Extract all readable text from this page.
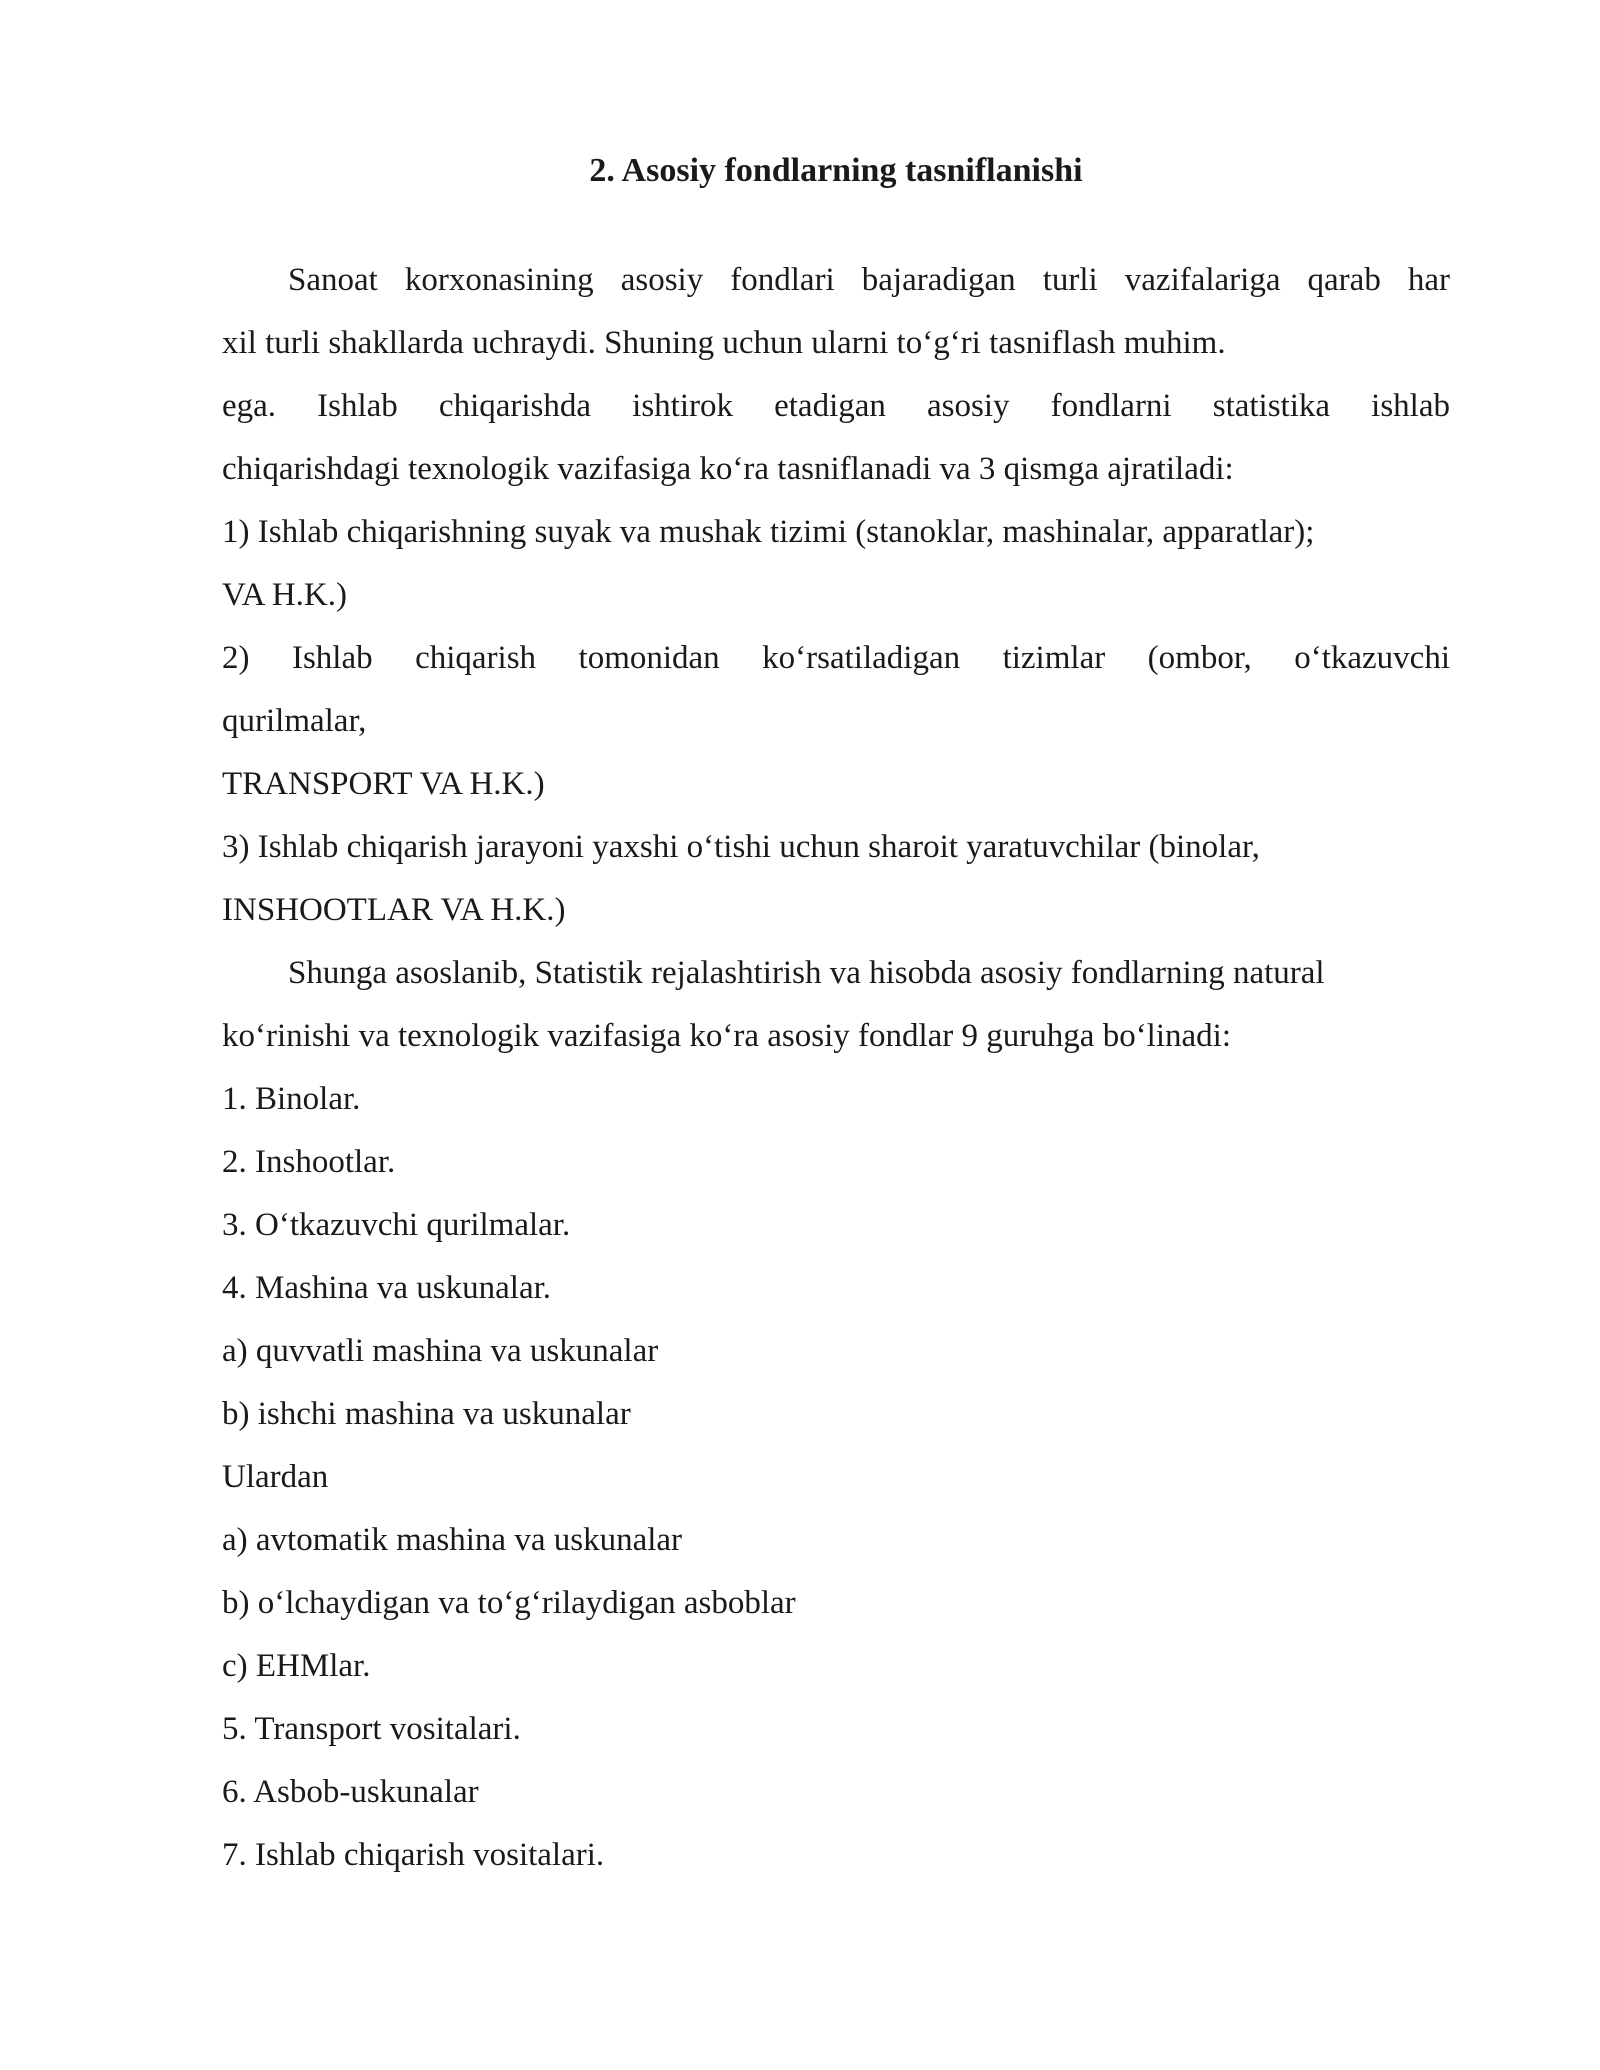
2. Asosiy fondlarning tasniflanishi

Sanoat korxonasining asosiy fondlari bajaradigan turli vazifalariga qarab har

xil turli shakllarda uchraydi. Shuning uchun ularni to‘g‘ri tasniflash muhim.

ega. Ishlab chiqarishda ishtirok etadigan asosiy fondlarni statistika ishlab

chiqarishdagi texnologik vazifasiga ko‘ra tasniflanadi va 3 qismga ajratiladi:

1) Ishlab chiqarishning suyak va mushak tizimi (stanoklar, mashinalar, apparatlar);

VA H.K.)

2) Ishlab chiqarish tomonidan ko‘rsatiladigan tizimlar (ombor, o‘tkazuvchi

qurilmalar,

TRANSPORT VA H.K.)

3) Ishlab chiqarish jarayoni yaxshi o‘tishi uchun sharoit yaratuvchilar (binolar,

INSHOOTLAR VA H.K.)

Shunga asoslanib, Statistik rejalashtirish va hisobda asosiy fondlarning natural

ko‘rinishi va texnologik vazifasiga ko‘ra asosiy fondlar 9 guruhga bo‘linadi:

1. Binolar.

2. Inshootlar.

3. O‘tkazuvchi qurilmalar.

4. Mashina va uskunalar.

a) quvvatli mashina va uskunalar

b) ishchi mashina va uskunalar

Ulardan

a) avtomatik mashina va uskunalar

b) o‘lchaydigan va to‘g‘rilaydigan asboblar

c) EHMlar.

5. Transport vositalari.

6. Asbob-uskunalar

7. Ishlab chiqarish vositalari.
